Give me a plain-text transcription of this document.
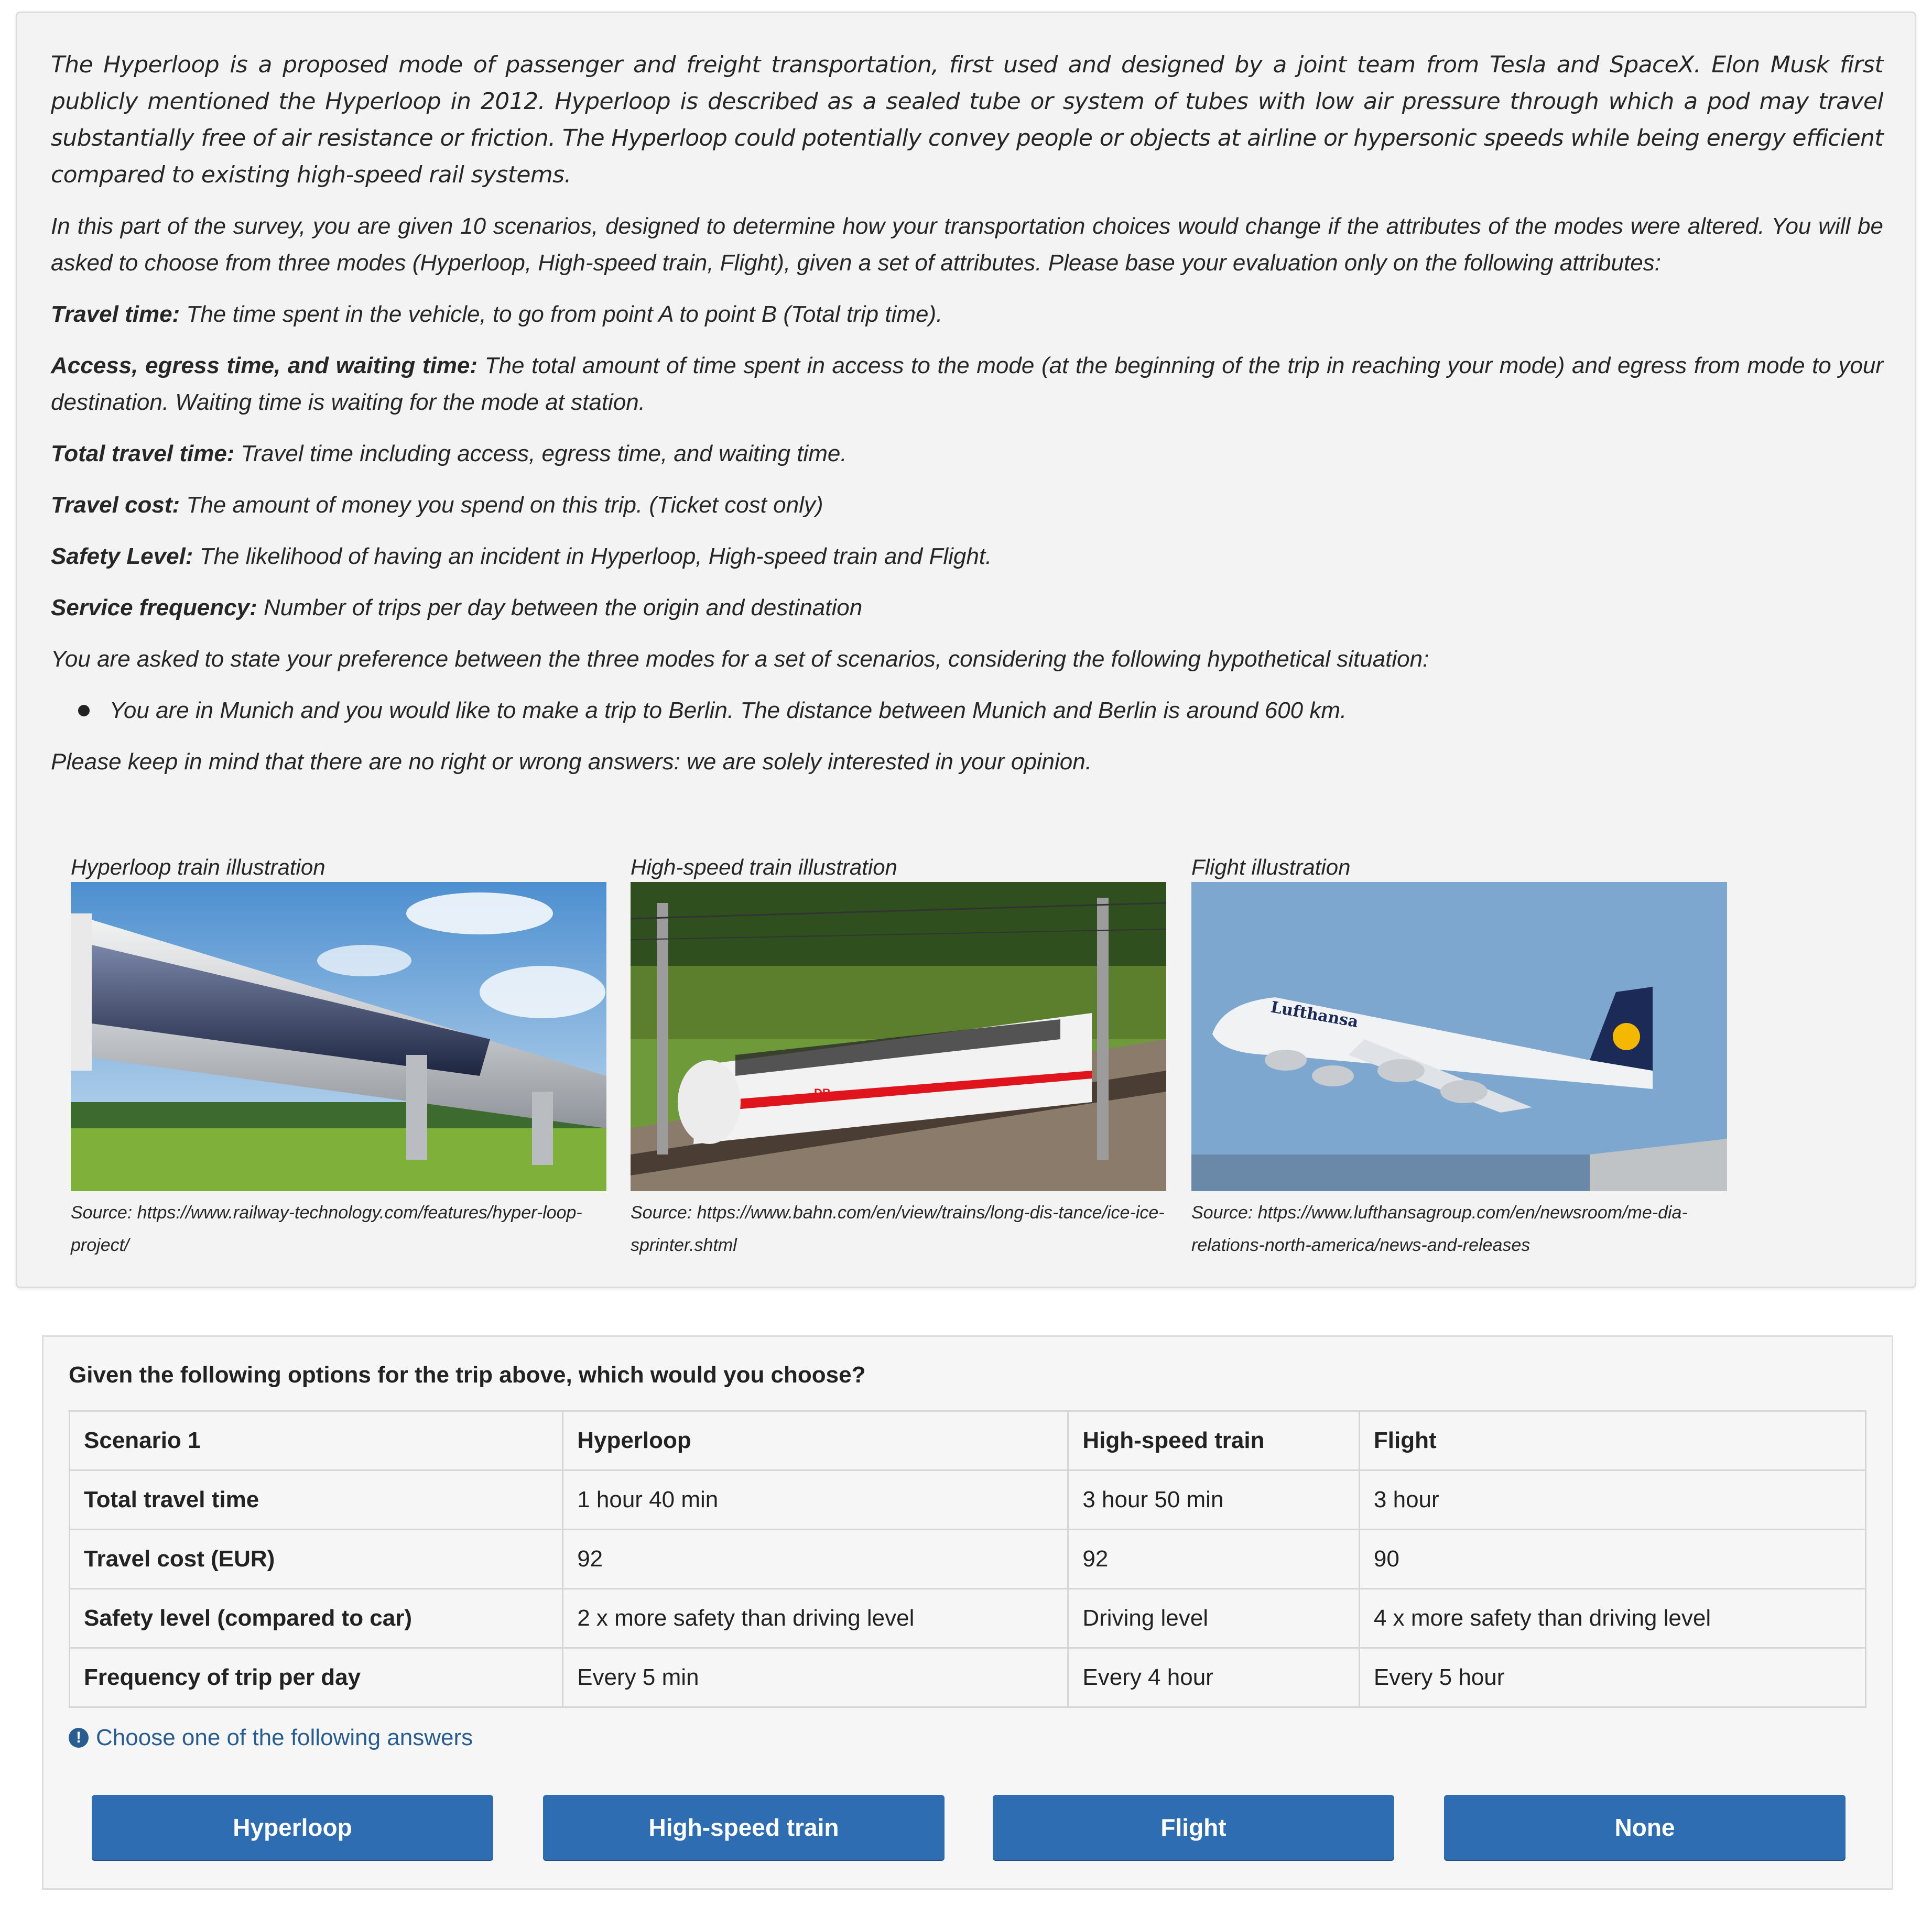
The Hyperloop is a proposed mode of passenger and freight transportation, first used and designed by a joint team from Tesla and SpaceX. Elon Musk first publicly mentioned the Hyperloop in 2012. Hyperloop is described as a sealed tube or system of tubes with low air pressure through which a pod may travel substantially free of air resistance or friction. The Hyperloop could potentially convey people or objects at airline or hypersonic speeds while being energy efficient compared to existing high-speed rail systems.

In this part of the survey, you are given 10 scenarios, designed to determine how your transportation choices would change if the attributes of the modes were altered. You will be asked to choose from three modes (Hyperloop, High-speed train, Flight), given a set of attributes. Please base your evaluation only on the following attributes:

Travel time: The time spent in the vehicle, to go from point A to point B (Total trip time).

Access, egress time, and waiting time: The total amount of time spent in access to the mode (at the beginning of the trip in reaching your mode) and egress from mode to your destination. Waiting time is waiting for the mode at station.

Total travel time: Travel time including access, egress time, and waiting time.

Travel cost: The amount of money you spend on this trip. (Ticket cost only)

Safety Level: The likelihood of having an incident in Hyperloop, High-speed train and Flight.

Service frequency: Number of trips per day between the origin and destination

You are asked to state your preference between the three modes for a set of scenarios, considering the following hypothetical situation:

You are in Munich and you would like to make a trip to Berlin. The distance between Munich and Berlin is around 600 km.

Please keep in mind that there are no right or wrong answers: we are solely interested in your opinion.

Hyperloop train illustration
Source: https://www.railway-technology.com/features/hyper-loop-project/
High-speed train illustration
DB
Source: https://www.bahn.com/en/view/trains/long-dis-tance/ice-ice-sprinter.shtml
Flight illustration
Lufthansa
Source: https://www.lufthansagroup.com/en/newsroom/me-dia-relations-north-america/news-and-releases
Given the following options for the trip above, which would you choose?
Scenario 1	Hyperloop	High-speed train	Flight
Total travel time	1 hour 40 min	3 hour 50 min	3 hour
Travel cost (EUR)	92	92	90
Safety level (compared to car)	2 x more safety than driving level	Driving level	4 x more safety than driving level
Frequency of trip per day	Every 5 min	Every 4 hour	Every 5 hour
! Choose one of the following answers
Hyperloop	High-speed train	Flight	None
